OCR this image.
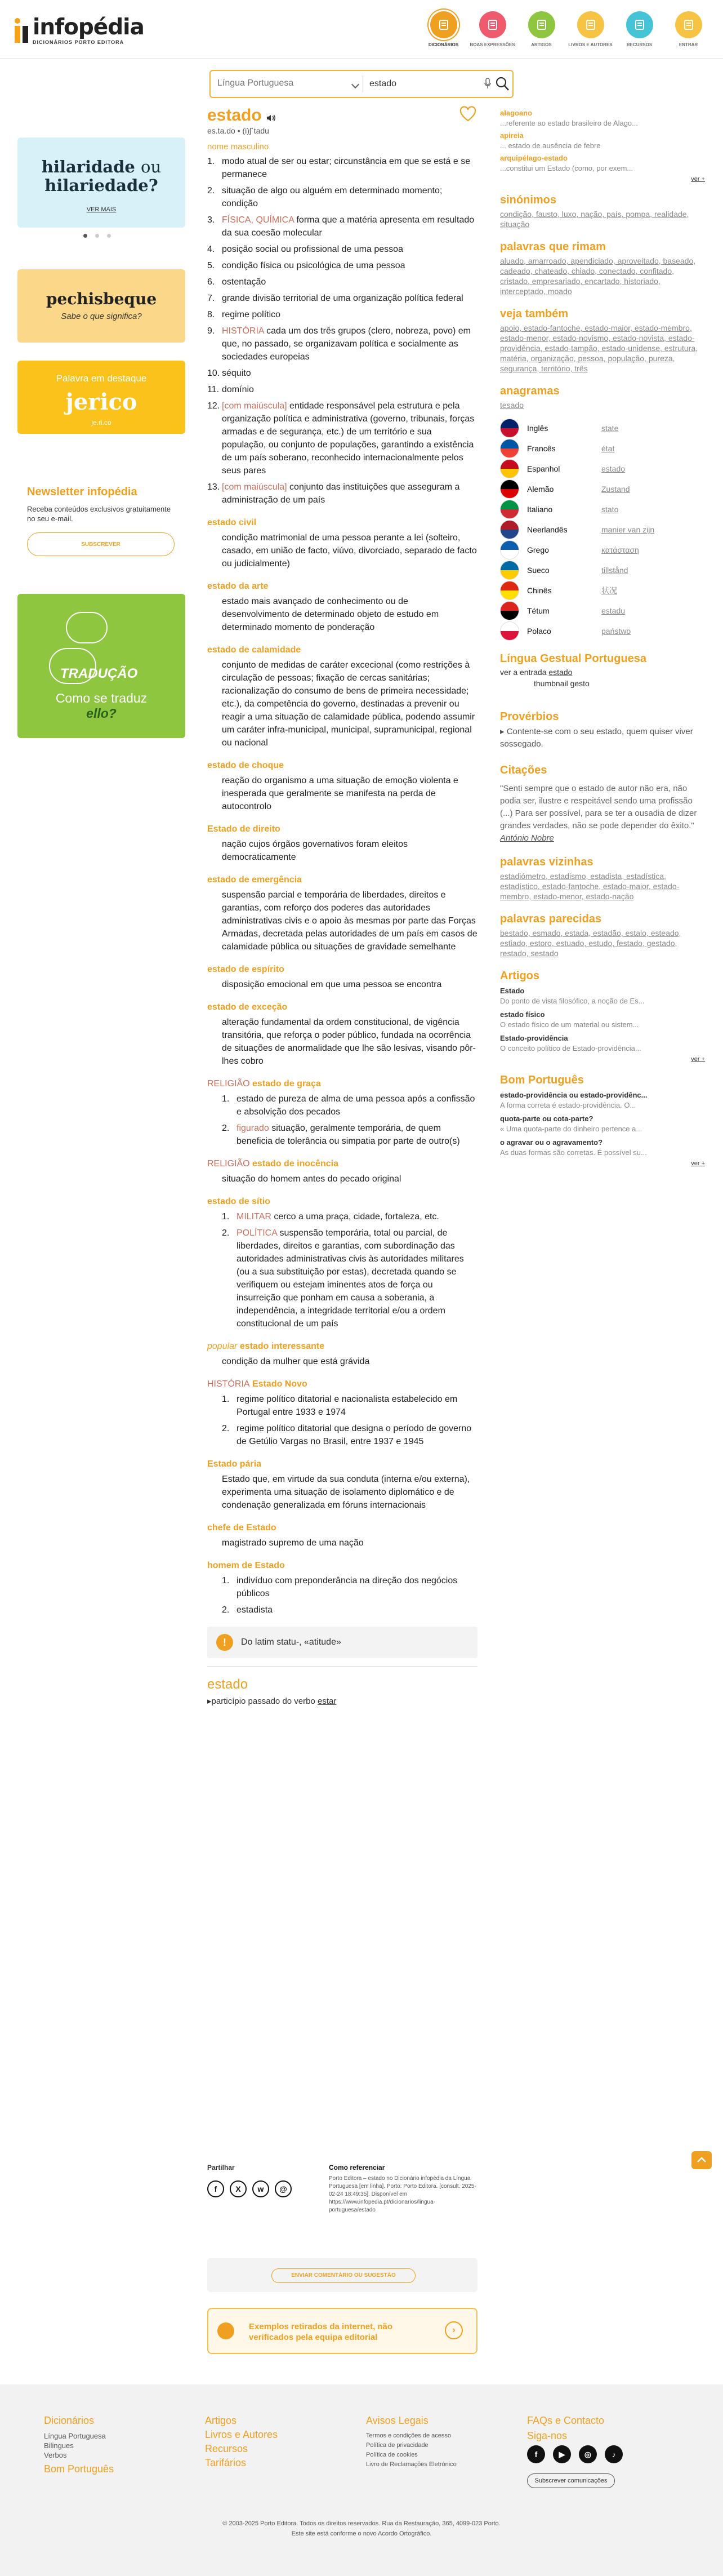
infopédia
DICIONÁRIOS PORTO EDITORA	DICIONÁRIOS	BOAS EXPRESSÕES	ARTIGOS	LIVROS E AUTORES	RECURSOS	ENTRAR
Língua Portuguesa
estado
hilaridade ou
hilariedade?
VER MAIS
pechisbeque
Sabe o que significa?
Palavra em destaque
jerico
je.ri.co
Newsletter infopédia
Receba conteúdos exclusivos gratuitamente no seu e-mail.
SUBSCREVER
TRADUÇÃO
Como se traduz
ello?
estado
es.ta.do • (i)ʃˈtadu
nome masculino
1. modo atual de ser ou estar; circunstância em que se está e se permanece
2. situação de algo ou alguém em determinado momento; condição
3. FÍSICA, QUÍMICA forma que a matéria apresenta em resultado da sua coesão molecular
4. posição social ou profissional de uma pessoa
5. condição física ou psicológica de uma pessoa
6. ostentação
7. grande divisão territorial de uma organização política federal
8. regime político
9. HISTÓRIA cada um dos três grupos (clero, nobreza, povo) em que, no passado, se organizavam política e socialmente as sociedades europeias
10. séquito
11. domínio
12. [com maiúscula] entidade responsável pela estrutura e pela organização política e administrativa (governo, tribunais, forças armadas e de segurança, etc.) de um território e sua população, ou conjunto de populações, garantindo a existência de um país soberano, reconhecido internacionalmente pelos seus pares
13. [com maiúscula] conjunto das instituições que asseguram a administração de um país
estado civil
condição matrimonial de uma pessoa perante a lei (solteiro, casado, em união de facto, viúvo, divorciado, separado de facto ou judicialmente)
estado da arte
estado mais avançado de conhecimento ou de desenvolvimento de determinado objeto de estudo em determinado momento de ponderação
estado de calamidade
conjunto de medidas de caráter excecional (como restrições à circulação de pessoas; fixação de cercas sanitárias; racionalização do consumo de bens de primeira necessidade; etc.), da competência do governo, destinadas a prevenir ou reagir a uma situação de calamidade pública, podendo assumir um caráter infra-municipal, municipal, supramunicipal, regional ou nacional
estado de choque
reação do organismo a uma situação de emoção violenta e inesperada que geralmente se manifesta na perda de autocontrolo
Estado de direito
nação cujos órgãos governativos foram eleitos democraticamente
estado de emergência
suspensão parcial e temporária de liberdades, direitos e garantias, com reforço dos poderes das autoridades administrativas civis e o apoio às mesmas por parte das Forças Armadas, decretada pelas autoridades de um país em casos de calamidade pública ou situações de gravidade semelhante
estado de espírito
disposição emocional em que uma pessoa se encontra
estado de exceção
alteração fundamental da ordem constitucional, de vigência transitória, que reforça o poder público, fundada na ocorrência de situações de anormalidade que lhe são lesivas, visando pôr-lhes cobro
RELIGIÃO estado de graça
1. estado de pureza de alma de uma pessoa após a confissão e absolvição dos pecados
2. figurado situação, geralmente temporária, de quem beneficia de tolerância ou simpatia por parte de outro(s)
RELIGIÃO estado de inocência
situação do homem antes do pecado original
estado de sítio
1. MILITAR cerco a uma praça, cidade, fortaleza, etc.
2. POLÍTICA suspensão temporária, total ou parcial, de liberdades, direitos e garantias, com subordinação das autoridades administrativas civis às autoridades militares (ou a sua substituição por estas), decretada quando se verifiquem ou estejam iminentes atos de força ou insurreição que ponham em causa a soberania, a independência, a integridade territorial e/ou a ordem constitucional de um país
popular estado interessante
condição da mulher que está grávida
HISTÓRIA Estado Novo
1. regime político ditatorial e nacionalista estabelecido em Portugal entre 1933 e 1974
2. regime político ditatorial que designa o período de governo de Getúlio Vargas no Brasil, entre 1937 e 1945
Estado pária
Estado que, em virtude da sua conduta (interna e/ou externa), experimenta uma situação de isolamento diplomático e de condenação generalizada em fóruns internacionais
chefe de Estado
magistrado supremo de uma nação
homem de Estado
1. indivíduo com preponderância na direção dos negócios públicos
2. estadista
!	Do latim statu-, «atitude»
estado
▸particípio passado do verbo estar
Partilhar
f	X	w	@
Como referenciar
Porto Editora – estado no Dicionário infopédia da Língua Portuguesa [em linha]. Porto: Porto Editora. [consult. 2025-02-24 18:49:35]. Disponível em https://www.infopedia.pt/dicionarios/lingua-portuguesa/estado
ENVIAR COMENTÁRIO OU SUGESTÃO
Exemplos retirados da internet, não verificados pela equipa editorial
›
alagoano
...referente ao estado brasileiro de Alago...
apireia
... estado de ausência de febre
arquipélago-estado
...constitui um Estado (como, por exem...
ver +
sinónimos
condição, fausto, luxo, nação, país, pompa, realidade, situação
palavras que rimam
aluado, amarroado, apendiciado, aproveitado, baseado, cadeado, chateado, chiado, conectado, confitado, cristado, empresariado, encartado, historiado, interceptado, moado
veja também
apoio, estado-fantoche, estado-maior, estado-membro, estado-menor, estado-novismo, estado-novista, estado-providência, estado-tampão, estado-unidense, estrutura, matéria, organização, pessoa, população, pureza, segurança, território, três
anagramas
tesado
Inglês	state
Francês	état
Espanhol	estado
Alemão	Zustand
Italiano	stato
Neerlandês	manier van zijn
Grego	κατάσταση
Sueco	tillstånd
Chinês	状况
Tétum	estadu
Polaco	państwo
Língua Gestual Portuguesa
ver a entrada estado
thumbnail gesto
Provérbios
▸ Contente-se com o seu estado, quem quiser viver sossegado.
Citações
"Senti sempre que o estado de autor não era, não podia ser, ilustre e respeitável sendo uma profissão (...) Para ser possível, para se ter a ousadia de dizer grandes verdades, não se pode depender do êxito."
António Nobre
palavras vizinhas
estadiómetro, estadismo, estadista, estadística, estadístico, estado-fantoche, estado-maior, estado-membro, estado-menor, estado-nação
palavras parecidas
bestado, esmado, estada, estadão, estalo, esteado, estiado, estoro, estuado, estudo, festado, gestado, restado, sestado
Artigos
Estado
Do ponto de vista filosófico, a noção de Es...
estado físico
O estado físico de um material ou sistem...
Estado-providência
O conceito político de Estado-providência...
ver +
Bom Português
estado-providência ou estado-providênc...
A forma correta é estado-providência. O...
quota-parte ou cota-parte?
« Uma quota-parte do dinheiro pertence a...
o agravar ou o agravamento?
As duas formas são corretas. É possível su...
ver +
Dicionários
Língua Portuguesa
Bilingues
Verbos
Bom Português
Artigos
Livros e Autores
Recursos
Tarifários
Avisos Legais
Termos e condições de acesso
Política de privacidade
Política de cookies
Livro de Reclamações Eletrónico
FAQs e Contacto
Siga-nos
f	▶	◎	♪
Subscrever comunicações
© 2003-2025 Porto Editora. Todos os direitos reservados. Rua da Restauração, 365, 4099-023 Porto.
Este site está conforme o novo Acordo Ortográfico.
